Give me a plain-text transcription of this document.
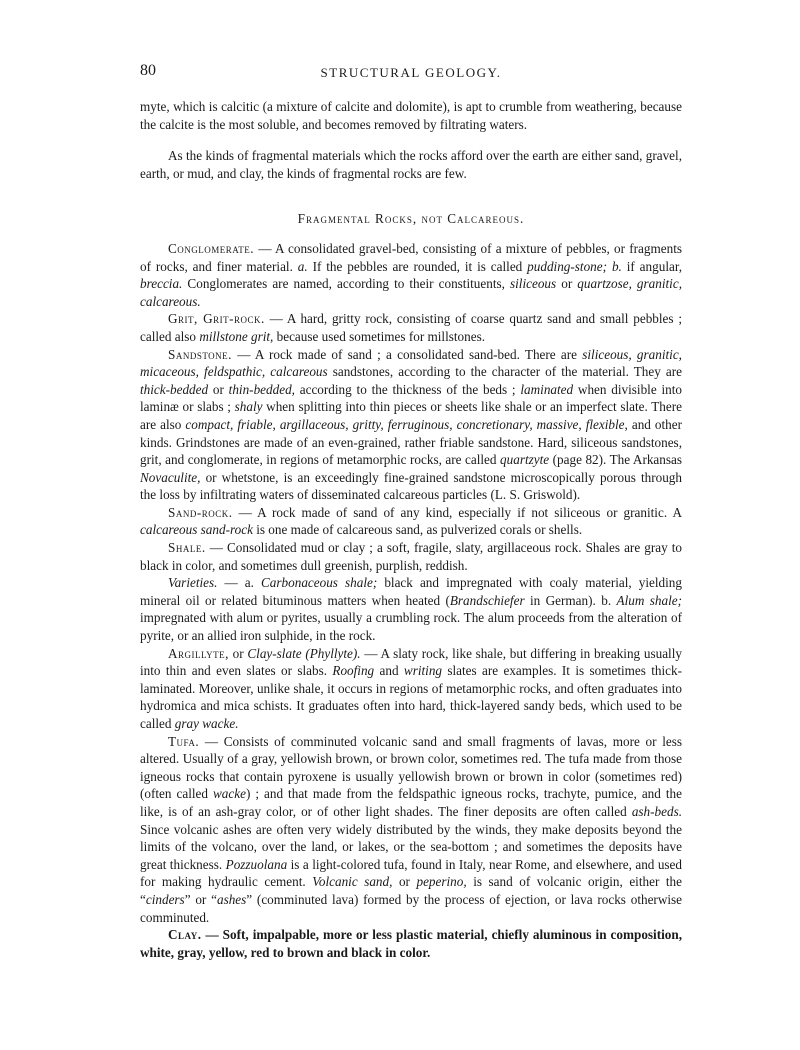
80	STRUCTURAL GEOLOGY.

myte, which is calcitic (a mixture of calcite and dolomite), is apt to crumble from weathering, because the calcite is the most soluble, and becomes removed by filtrating waters.

As the kinds of fragmental materials which the rocks afford over the earth are either sand, gravel, earth, or mud, and clay, the kinds of fragmental rocks are few.

Fragmental Rocks, not Calcareous.

Conglomerate. — A consolidated gravel-bed, consisting of a mixture of pebbles, or fragments of rocks, and finer material. a. If the pebbles are rounded, it is called pudding-stone; b. if angular, breccia. Conglomerates are named, according to their constituents, siliceous or quartzose, granitic, calcareous.

Grit, Grit-rock. — A hard, gritty rock, consisting of coarse quartz sand and small pebbles ; called also millstone grit, because used sometimes for millstones.

Sandstone. — A rock made of sand ; a consolidated sand-bed. There are siliceous, granitic, micaceous, feldspathic, calcareous sandstones, according to the character of the material. They are thick-bedded or thin-bedded, according to the thickness of the beds ; laminated when divisible into laminæ or slabs ; shaly when splitting into thin pieces or sheets like shale or an imperfect slate. There are also compact, friable, argillaceous, gritty, ferruginous, concretionary, massive, flexible, and other kinds. Grindstones are made of an even-grained, rather friable sandstone. Hard, siliceous sandstones, grit, and conglomerate, in regions of metamorphic rocks, are called quartzyte (page 82). The Arkansas Novaculite, or whetstone, is an exceedingly fine-grained sandstone microscopically porous through the loss by infiltrating waters of disseminated calcareous particles (L. S. Griswold).

Sand-rock. — A rock made of sand of any kind, especially if not siliceous or granitic. A calcareous sand-rock is one made of calcareous sand, as pulverized corals or shells.

Shale. — Consolidated mud or clay ; a soft, fragile, slaty, argillaceous rock. Shales are gray to black in color, and sometimes dull greenish, purplish, reddish.

Varieties. — a. Carbonaceous shale; black and impregnated with coaly material, yielding mineral oil or related bituminous matters when heated (Brandschiefer in German). b. Alum shale; impregnated with alum or pyrites, usually a crumbling rock. The alum proceeds from the alteration of pyrite, or an allied iron sulphide, in the rock.

Argillyte, or Clay-slate (Phyllyte). — A slaty rock, like shale, but differing in breaking usually into thin and even slates or slabs. Roofing and writing slates are examples. It is sometimes thick-laminated. Moreover, unlike shale, it occurs in regions of metamorphic rocks, and often graduates into hydromica and mica schists. It graduates often into hard, thick-layered sandy beds, which used to be called gray wacke.

Tufa. — Consists of comminuted volcanic sand and small fragments of lavas, more or less altered. Usually of a gray, yellowish brown, or brown color, sometimes red. The tufa made from those igneous rocks that contain pyroxene is usually yellowish brown or brown in color (sometimes red) (often called wacke) ; and that made from the feldspathic igneous rocks, trachyte, pumice, and the like, is of an ash-gray color, or of other light shades. The finer deposits are often called ash-beds. Since volcanic ashes are often very widely distributed by the winds, they make deposits beyond the limits of the volcano, over the land, or lakes, or the sea-bottom ; and sometimes the deposits have great thickness. Pozzuolana is a light-colored tufa, found in Italy, near Rome, and elsewhere, and used for making hydraulic cement. Volcanic sand, or peperino, is sand of volcanic origin, either the “cinders” or “ashes” (comminuted lava) formed by the process of ejection, or lava rocks otherwise comminuted.

Clay. — Soft, impalpable, more or less plastic material, chiefly aluminous in composition, white, gray, yellow, red to brown and black in color.
